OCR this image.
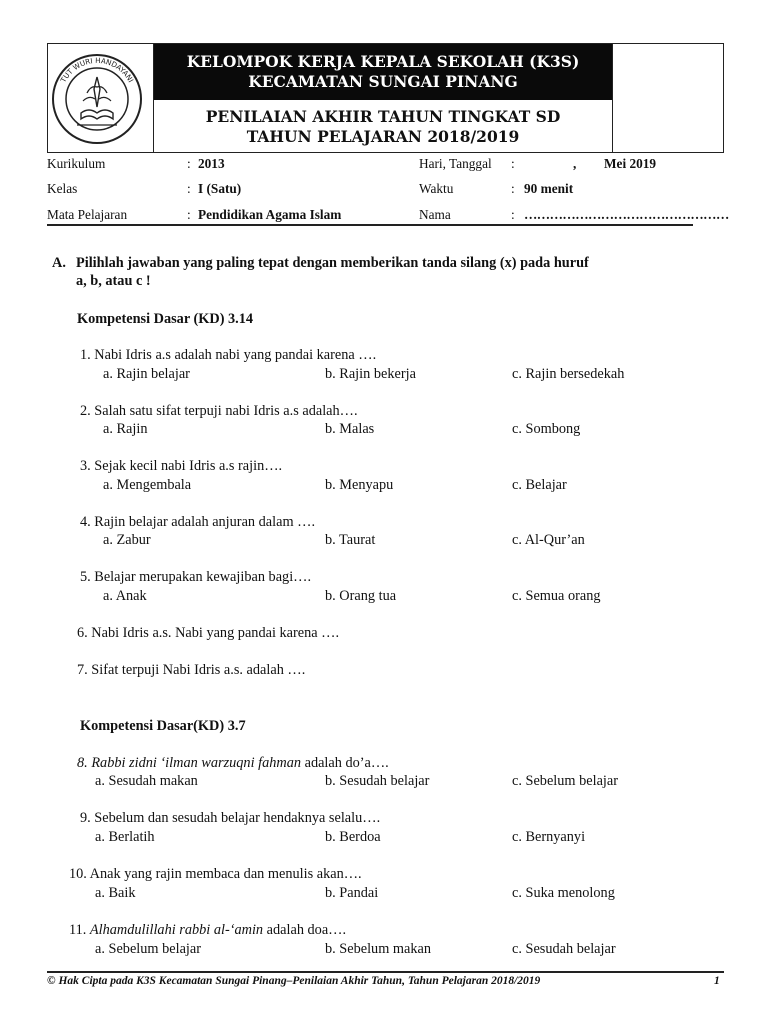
TUT WURI HANDAYANI
KELOMPOK KERJA KEPALA SEKOLAH (K3S)
KECAMATAN SUNGAI PINANG
PENILAIAN AKHIR TAHUN TINGKAT SD
TAHUN PELAJARAN 2018/2019
Kurikulum	: 2013
Kelas	: I (Satu)
Mata Pelajaran	: Pendidikan Agama Islam
Hari, Tanggal :	, Mei 2019
Waktu	: 90 menit
Nama	: …………………………………………
A. Pilihlah jawaban yang paling tepat dengan memberikan tanda silang (x) pada huruf
a, b, atau c !
Kompetensi Dasar (KD) 3.14
1. Nabi Idris a.s adalah nabi yang pandai karena ….
a. Rajin belajar	b. Rajin bekerja	c. Rajin bersedekah
2. Salah satu sifat terpuji nabi Idris a.s adalah….
a. Rajin	b. Malas	c. Sombong
3. Sejak kecil nabi Idris a.s rajin….
a. Mengembala	b. Menyapu	c. Belajar
4. Rajin belajar adalah anjuran dalam ….
a. Zabur	b. Taurat	c. Al-Qur’an
5. Belajar merupakan kewajiban bagi….
a. Anak	b. Orang tua	c. Semua orang
6. Nabi Idris a.s. Nabi yang pandai karena ….
7. Sifat terpuji Nabi Idris a.s. adalah ….
Kompetensi Dasar(KD) 3.7
8. Rabbi zidni ‘ilman warzuqni fahman adalah do’a….
a. Sesudah makan	b. Sesudah belajar	c. Sebelum belajar
9. Sebelum dan sesudah belajar hendaknya selalu….
a. Berlatih	b. Berdoa	c. Bernyanyi
10. Anak yang rajin membaca dan menulis akan….
a. Baik	b. Pandai	c. Suka menolong
11. Alhamdulillahi rabbi al-‘amin adalah doa….
a. Sebelum belajar	b. Sebelum makan	c. Sesudah belajar
© Hak Cipta pada K3S Kecamatan Sungai Pinang–Penilaian Akhir Tahun, Tahun Pelajaran 2018/2019	1
